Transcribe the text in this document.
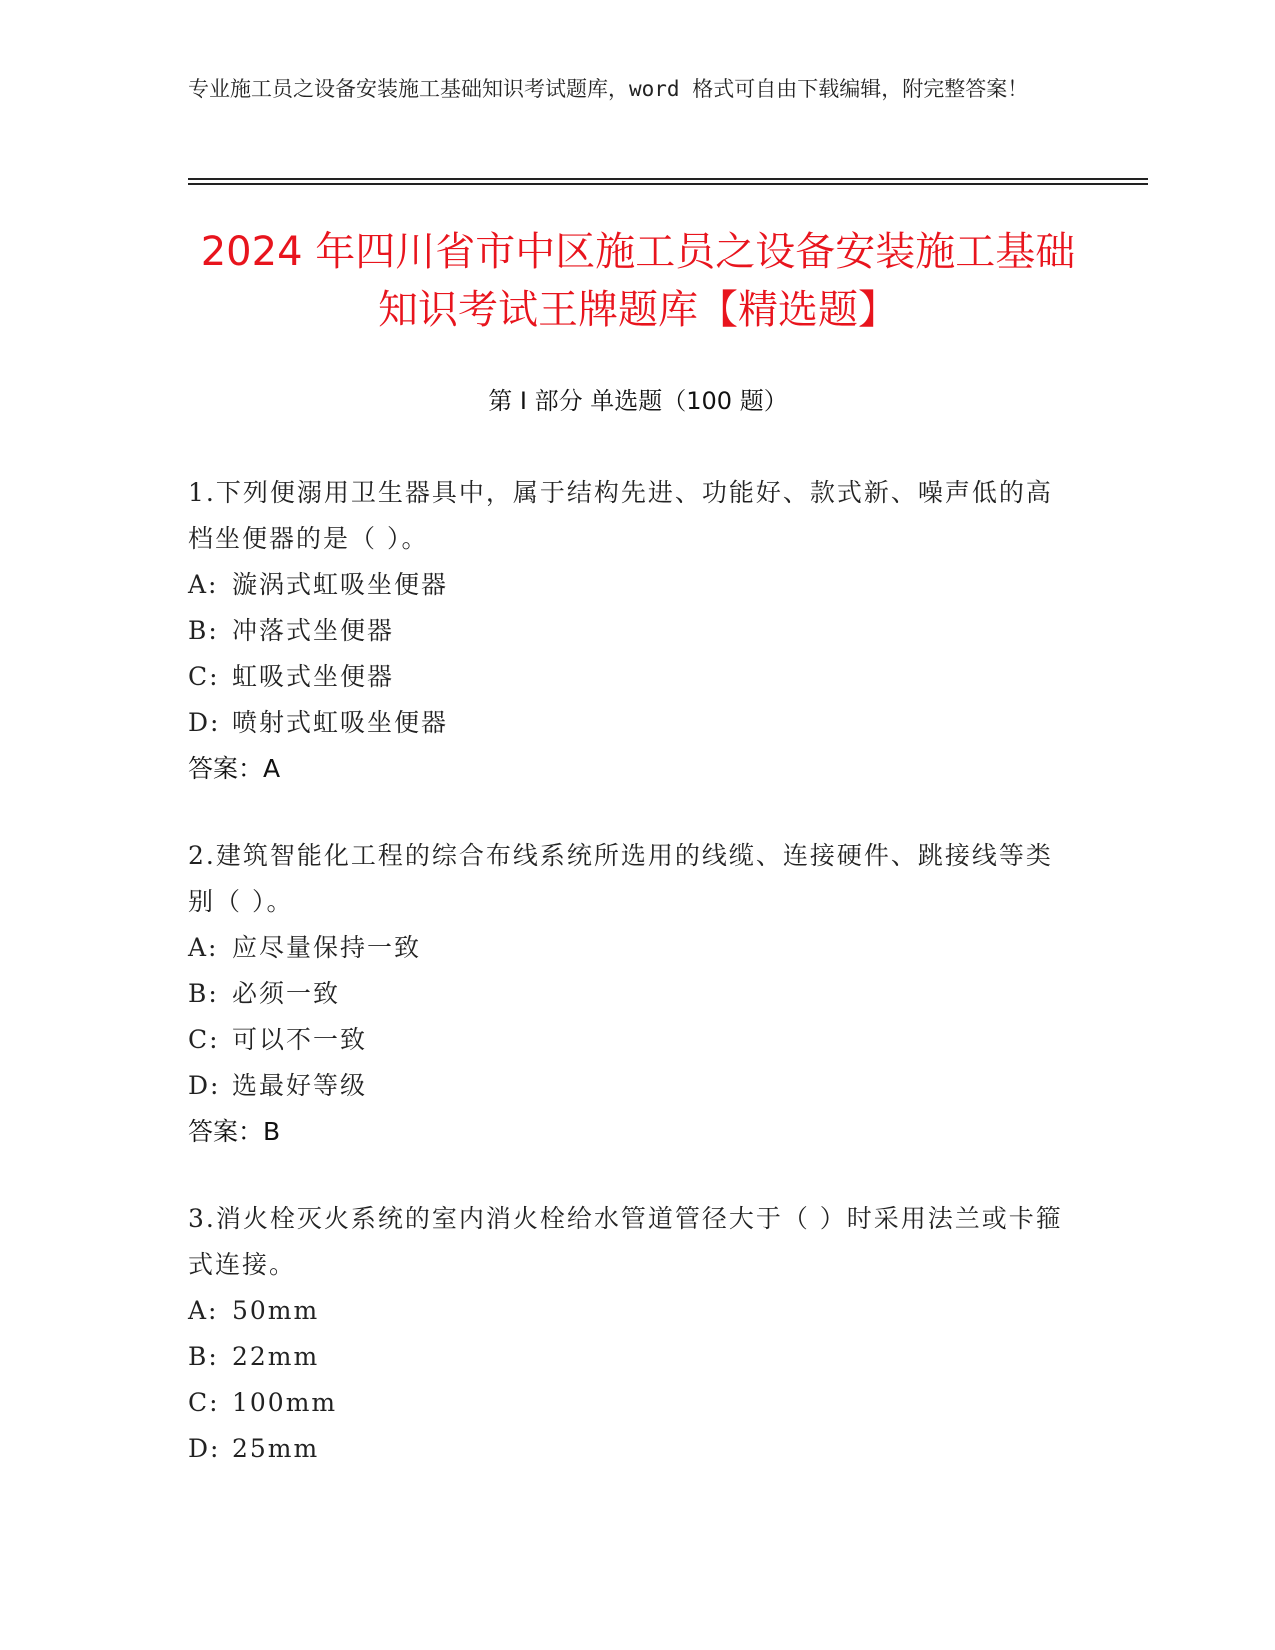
专业施工员之设备安装施工基础知识考试题库，word 格式可自由下载编辑，附完整答案！
2024 年四川省市中区施工员之设备安装施工基础知识考试王牌题库【精选题】
第 I 部分 单选题（100 题）
1.下列便溺用卫生器具中，属于结构先进、功能好、款式新、噪声低的高档坐便器的是（ ）。
A: 漩涡式虹吸坐便器
B: 冲落式坐便器
C: 虹吸式坐便器
D: 喷射式虹吸坐便器
答案：A
2.建筑智能化工程的综合布线系统所选用的线缆、连接硬件、跳接线等类别（ ）。
A: 应尽量保持一致
B: 必须一致
C: 可以不一致
D: 选最好等级
答案：B
3.消火栓灭火系统的室内消火栓给水管道管径大于（ ）时采用法兰或卡箍式连接。
A: 50mm
B: 22mm
C: 100mm
D: 25mm
